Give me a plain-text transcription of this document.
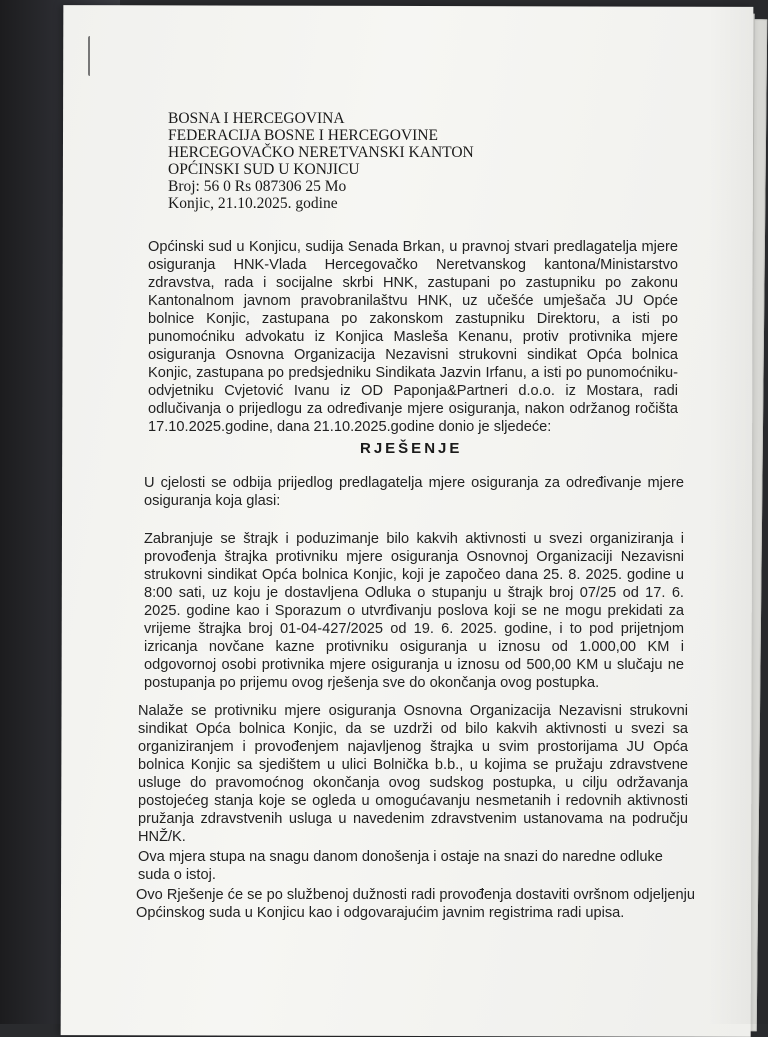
BOSNA I HERCEGOVINA
FEDERACIJA BOSNE I HERCEGOVINE
HERCEGOVAČKO NERETVANSKI KANTON
OPĆINSKI SUD U KONJICU
Broj: 56 0 Rs 087306 25 Mo
Konjic, 21.10.2025. godine

Općinski sud u Konjicu, sudija Senada Brkan, u pravnoj stvari predlagatelja mjere osiguranja HNK-Vlada Hercegovačko Neretvanskog kantona/Ministarstvo zdravstva, rada i socijalne skrbi HNK, zastupani po zastupniku po zakonu Kantonalnom javnom pravobranilaštvu HNK, uz učešće umješača JU Opće bolnice Konjic, zastupana po zakonskom zastupniku Direktoru, a isti po punomoćniku advokatu iz Konjica Masleša Kenanu, protiv protivnika mjere osiguranja Osnovna Organizacija Nezavisni strukovni sindikat Opća bolnica Konjic, zastupana po predsjedniku Sindikata Jazvin Irfanu, a isti po punomoćniku-odvjetniku Cvjetović Ivanu iz OD Paponja&Partneri d.o.o. iz Mostara, radi odlučivanja o prijedlogu za određivanje mjere osiguranja, nakon održanog ročišta 17.10.2025.godine, dana 21.10.2025.godine donio je sljedeće:

RJEŠENJE

U cjelosti se odbija prijedlog predlagatelja mjere osiguranja za određivanje mjere osiguranja koja glasi:

Zabranjuje se štrajk i poduzimanje bilo kakvih aktivnosti u svezi organiziranja i provođenja štrajka protivniku mjere osiguranja Osnovnoj Organizaciji Nezavisni strukovni sindikat Opća bolnica Konjic, koji je započeo dana 25. 8. 2025. godine u 8:00 sati, uz koju je dostavljena Odluka o stupanju u štrajk broj 07/25 od 17. 6. 2025. godine kao i Sporazum o utvrđivanju poslova koji se ne mogu prekidati za vrijeme štrajka broj 01-04-427/2025 od 19. 6. 2025. godine, i to pod prijetnjom izricanja novčane kazne protivniku osiguranja u iznosu od 1.000,00 KM i odgovornoj osobi protivnika mjere osiguranja u iznosu od 500,00 KM u slučaju ne postupanja po prijemu ovog rješenja sve do okončanja ovog postupka.

Nalaže se protivniku mjere osiguranja Osnovna Organizacija Nezavisni strukovni sindikat Opća bolnica Konjic, da se uzdrži od bilo kakvih aktivnosti u svezi sa organiziranjem i provođenjem najavljenog štrajka u svim prostorijama JU Opća bolnica Konjic sa sjedištem u ulici Bolnička b.b., u kojima se pružaju zdravstvene usluge do pravomoćnog okončanja ovog sudskog postupka, u cilju održavanja postojećeg stanja koje se ogleda u omogućavanju nesmetanih i redovnih aktivnosti pružanja zdravstvenih usluga u navedenim zdravstvenim ustanovama na području HNŽ/K.

Ova mjera stupa na snagu danom donošenja i ostaje na snazi do naredne odluke suda o istoj.

Ovo Rješenje će se po službenoj dužnosti radi provođenja dostaviti ovršnom odjeljenju Općinskog suda u Konjicu kao i odgovarajućim javnim registrima radi upisa.
